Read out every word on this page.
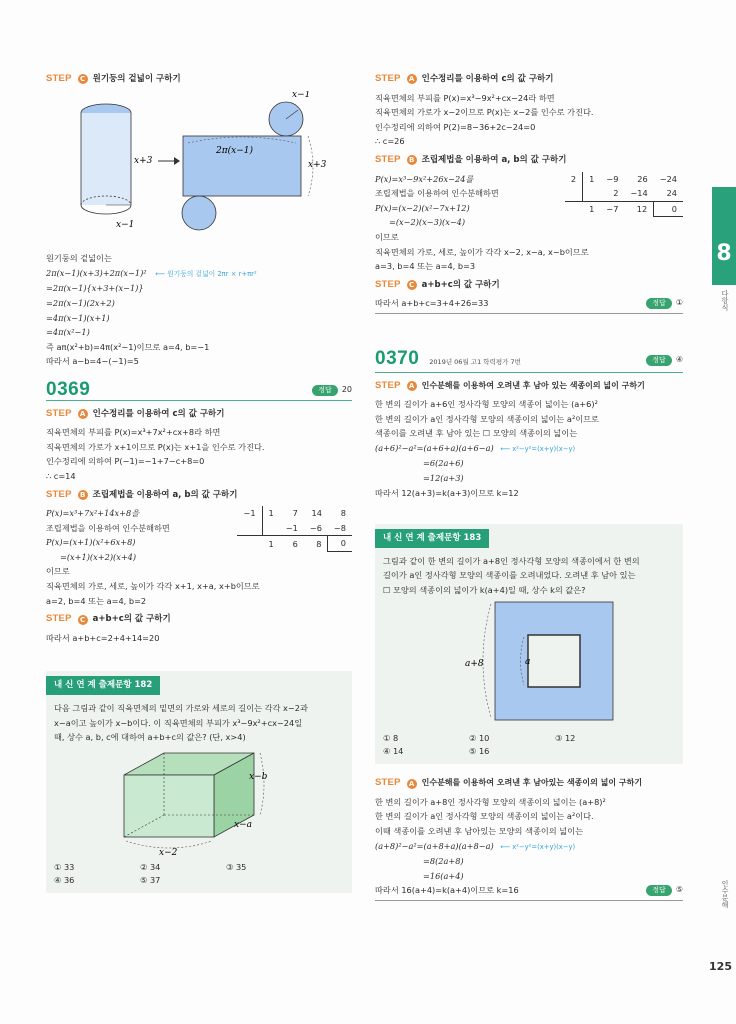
STEP	C 원기둥의 겉넓이 구하기
x−1
x+3
x−1
2π(x−1)
x+3
원기둥의 겉넓이는
2π(x−1)(x+3)+2π(x−1)² ⟵ 원기둥의 겉넓이 2πr × r+πr²
=2π(x−1){x+3+(x−1)}
=2π(x−1)(2x+2)
=4π(x−1)(x+1)
=4π(x²−1)
즉 aπ(x²+b)=4π(x²−1)이므로 a=4, b=−1
따라서 a−b=4−(−1)=5
0369	정답	20
STEP	A 인수정리를 이용하여 c의 값 구하기
직육면체의 부피를 P(x)=x³+7x²+cx+8라 하면
직육면체의 가로가 x+1이므로 P(x)는 x+1을 인수로 가진다.
인수정리에 의하여 P(−1)=−1+7−c+8=0
∴ c=14
STEP	B 조립제법을 이용하여 a, b의 값 구하기
−1	1	7	14	8
		−1	−6	−8
	1	6	8	0
P(x)=x³+7x²+14x+8을
조립제법을 이용하여 인수분해하면
P(x)=(x+1)(x²+6x+8)
=(x+1)(x+2)(x+4)
이므로
직육면체의 가로, 세로, 높이가 각각 x+1, x+a, x+b이므로
a=2, b=4 또는 a=4, b=2
STEP	C a+b+c의 값 구하기
따라서 a+b+c=2+4+14=20
내 신 연 계 출제문항 182
다음 그림과 같이 직육면체의 밑면의 가로와 세로의 길이는 각각 x−2과
x−a이고 높이가 x−b이다. 이 직육면체의 부피가 x³−9x²+cx−24일
때, 상수 a, b, c에 대하여 a+b+c의 값은? (단, x>4)
x−b
x−a
x−2
① 33	② 34	③ 35
④ 36	⑤ 37
STEP	A 인수정리를 이용하여 c의 값 구하기
직육면체의 부피를 P(x)=x³−9x²+cx−24라 하면
직육면체의 가로가 x−2이므로 P(x)는 x−2를 인수로 가진다.
인수정리에 의하여 P(2)=8−36+2c−24=0
∴ c=26
STEP	B 조립제법을 이용하여 a, b의 값 구하기
2	1	−9	26	−24
		2	−14	24
	1	−7	12	0
P(x)=x³−9x²+26x−24를
조립제법을 이용하여 인수분해하면
P(x)=(x−2)(x²−7x+12)
=(x−2)(x−3)(x−4)
이므로
직육면체의 가로, 세로, 높이가 각각 x−2, x−a, x−b이므로
a=3, b=4 또는 a=4, b=3
STEP	C a+b+c의 값 구하기
따라서 a+b+c=3+4+26=33	정답	①
0370 2019년 06월 고1 학력평가 7번	정답	④
STEP	A 인수분해를 이용하여 오려낸 후 남아 있는 색종이의 넓이 구하기
한 변의 길이가 a+6인 정사각형 모양의 색종이 넓이는 (a+6)²
한 변의 길이가 a인 정사각형 모양의 색종이의 넓이는 a²이므로
색종이를 오려낸 후 남아 있는 ☐ 모양의 색종이의 넓이는
(a+6)²−a²=(a+6+a)(a+6−a) ⟵ x²−y²=(x+y)(x−y)
=6(2a+6)
=12(a+3)
따라서 12(a+3)=k(a+3)이므로 k=12
내 신 연 계 출제문항 183
그림과 같이 한 변의 길이가 a+8인 정사각형 모양의 색종이에서 한 변의
길이가 a인 정사각형 모양의 색종이를 오려내었다. 오려낸 후 남아 있는
☐ 모양의 색종이의 넓이가 k(a+4)일 때, 상수 k의 값은?
a+8	a
① 8	② 10	③ 12
④ 14	⑤ 16
STEP	A 인수분해를 이용하여 오려낸 후 남아있는 색종이의 넓이 구하기
한 변의 길이가 a+8인 정사각형 모양의 색종이의 넓이는 (a+8)²
한 변의 길이가 a인 정사각형 모양의 색종이의 넓이는 a²이다.
이때 색종이를 오려낸 후 남아있는 모양의 색종이의 넓이는
(a+8)²−a²=(a+8+a)(a+8−a) ⟵ x²−y²=(x+y)(x−y)
=8(2a+8)
=16(a+4)
따라서 16(a+4)=k(a+4)이므로 k=16	정답	⑤
8
다항식
인수분해
125
